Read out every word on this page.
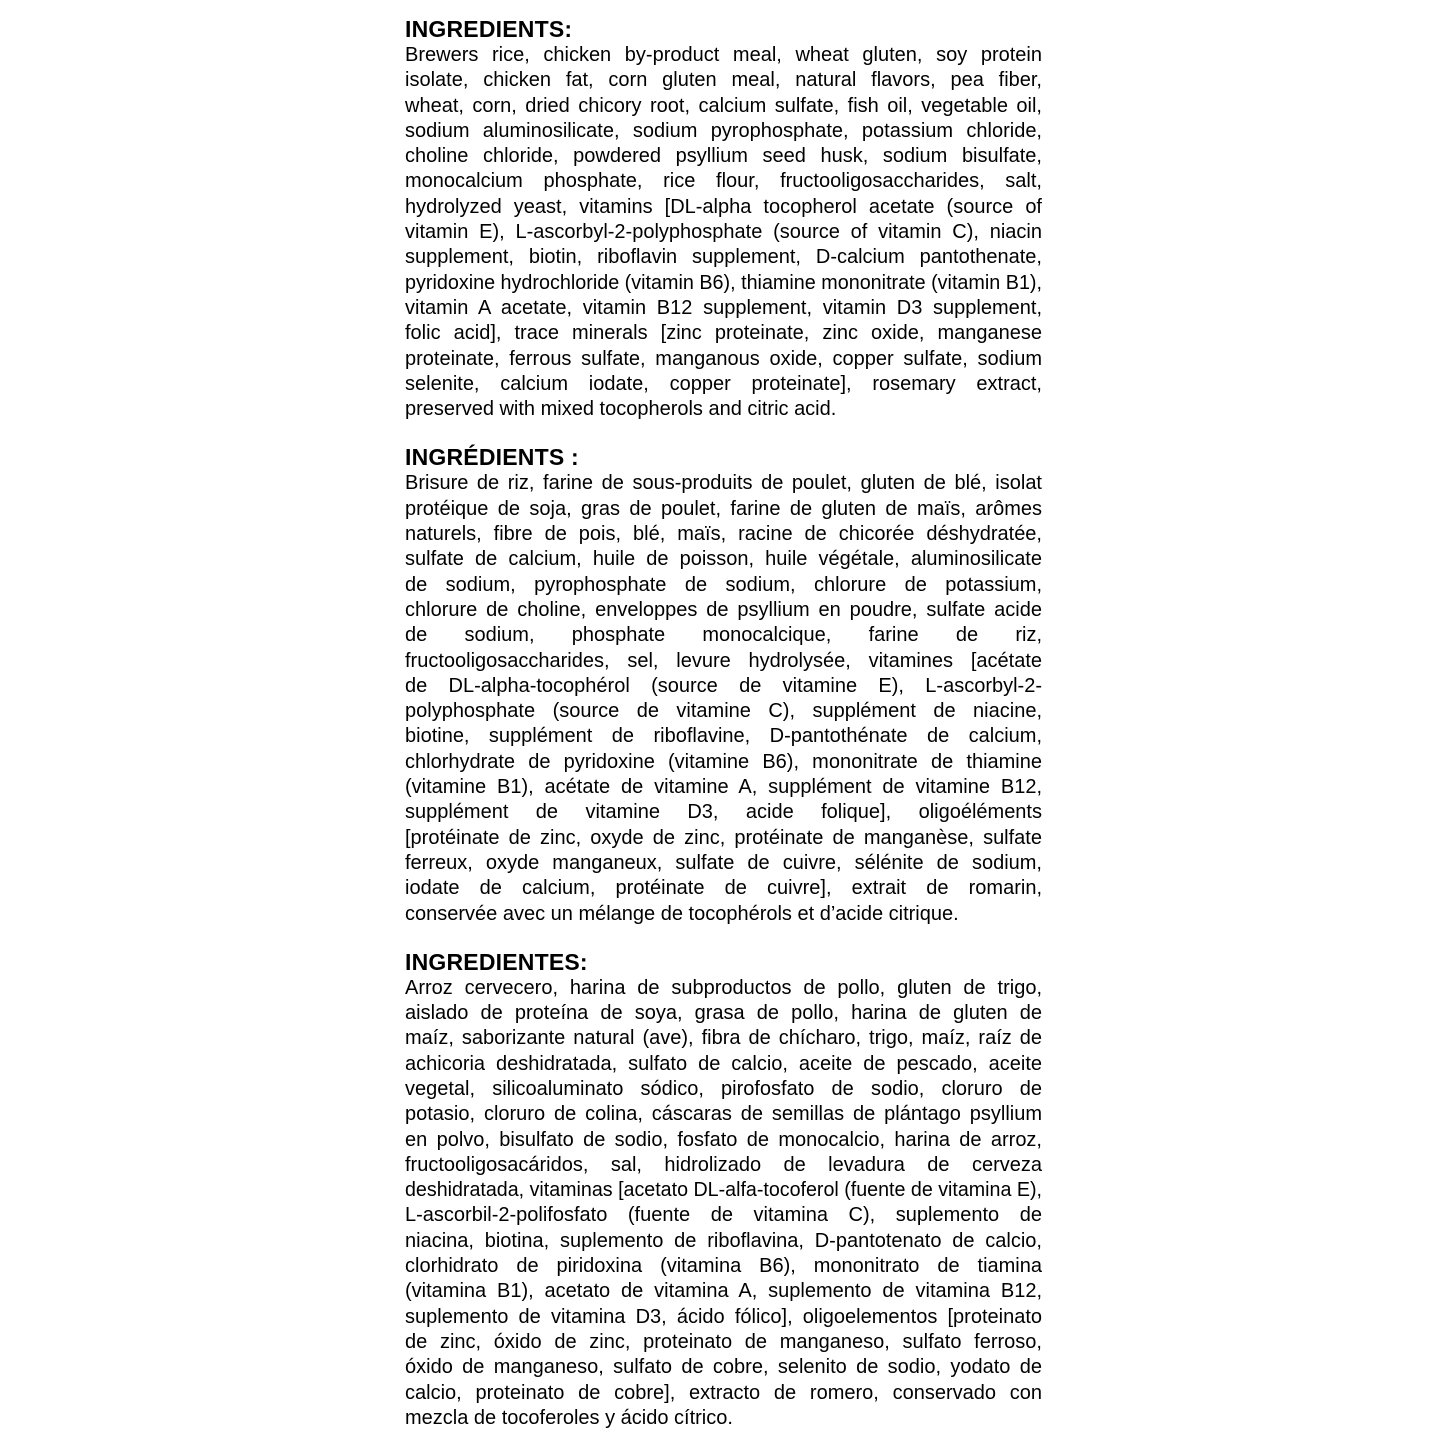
INGREDIENTS:
Brewers rice, chicken by-product meal, wheat gluten, soy protein
isolate, chicken fat, corn gluten meal, natural flavors, pea fiber,
wheat, corn, dried chicory root, calcium sulfate, fish oil, vegetable oil,
sodium aluminosilicate, sodium pyrophosphate, potassium chloride,
choline chloride, powdered psyllium seed husk, sodium bisulfate,
monocalcium phosphate, rice flour, fructooligosaccharides, salt,
hydrolyzed yeast, vitamins [DL-alpha tocopherol acetate (source of
vitamin E), L-ascorbyl-2-polyphosphate (source of vitamin C), niacin
supplement, biotin, riboflavin supplement, D-calcium pantothenate,
pyridoxine hydrochloride (vitamin B6), thiamine mononitrate (vitamin B1),
vitamin A acetate, vitamin B12 supplement, vitamin D3 supplement,
folic acid], trace minerals [zinc proteinate, zinc oxide, manganese
proteinate, ferrous sulfate, manganous oxide, copper sulfate, sodium
selenite, calcium iodate, copper proteinate], rosemary extract,
preserved with mixed tocopherols and citric acid.
INGRÉDIENTS :
Brisure de riz, farine de sous-produits de poulet, gluten de blé, isolat
protéique de soja, gras de poulet, farine de gluten de maïs, arômes
naturels, fibre de pois, blé, maïs, racine de chicorée déshydratée,
sulfate de calcium, huile de poisson, huile végétale, aluminosilicate
de sodium, pyrophosphate de sodium, chlorure de potassium,
chlorure de choline, enveloppes de psyllium en poudre, sulfate acide
de sodium, phosphate monocalcique, farine de riz,
fructooligosaccharides, sel, levure hydrolysée, vitamines [acétate
de DL-alpha-tocophérol (source de vitamine E), L-ascorbyl-2-
polyphosphate (source de vitamine C), supplément de niacine,
biotine, supplément de riboflavine, D-pantothénate de calcium,
chlorhydrate de pyridoxine (vitamine B6), mononitrate de thiamine
(vitamine B1), acétate de vitamine A, supplément de vitamine B12,
supplément de vitamine D3, acide folique], oligoéléments
[protéinate de zinc, oxyde de zinc, protéinate de manganèse, sulfate
ferreux, oxyde manganeux, sulfate de cuivre, sélénite de sodium,
iodate de calcium, protéinate de cuivre], extrait de romarin,
conservée avec un mélange de tocophérols et d’acide citrique.
INGREDIENTES:
Arroz cervecero, harina de subproductos de pollo, gluten de trigo,
aislado de proteína de soya, grasa de pollo, harina de gluten de
maíz, saborizante natural (ave), fibra de chícharo, trigo, maíz, raíz de
achicoria deshidratada, sulfato de calcio, aceite de pescado, aceite
vegetal, silicoaluminato sódico, pirofosfato de sodio, cloruro de
potasio, cloruro de colina, cáscaras de semillas de plántago psyllium
en polvo, bisulfato de sodio, fosfato de monocalcio, harina de arroz,
fructooligosacáridos, sal, hidrolizado de levadura de cerveza
deshidratada, vitaminas [acetato DL-alfa-tocoferol (fuente de vitamina E),
L-ascorbil-2-polifosfato (fuente de vitamina C), suplemento de
niacina, biotina, suplemento de riboflavina, D-pantotenato de calcio,
clorhidrato de piridoxina (vitamina B6), mononitrato de tiamina
(vitamina B1), acetato de vitamina A, suplemento de vitamina B12,
suplemento de vitamina D3, ácido fólico], oligoelementos [proteinato
de zinc, óxido de zinc, proteinato de manganeso, sulfato ferroso,
óxido de manganeso, sulfato de cobre, selenito de sodio, yodato de
calcio, proteinato de cobre], extracto de romero, conservado con
mezcla de tocoferoles y ácido cítrico.
